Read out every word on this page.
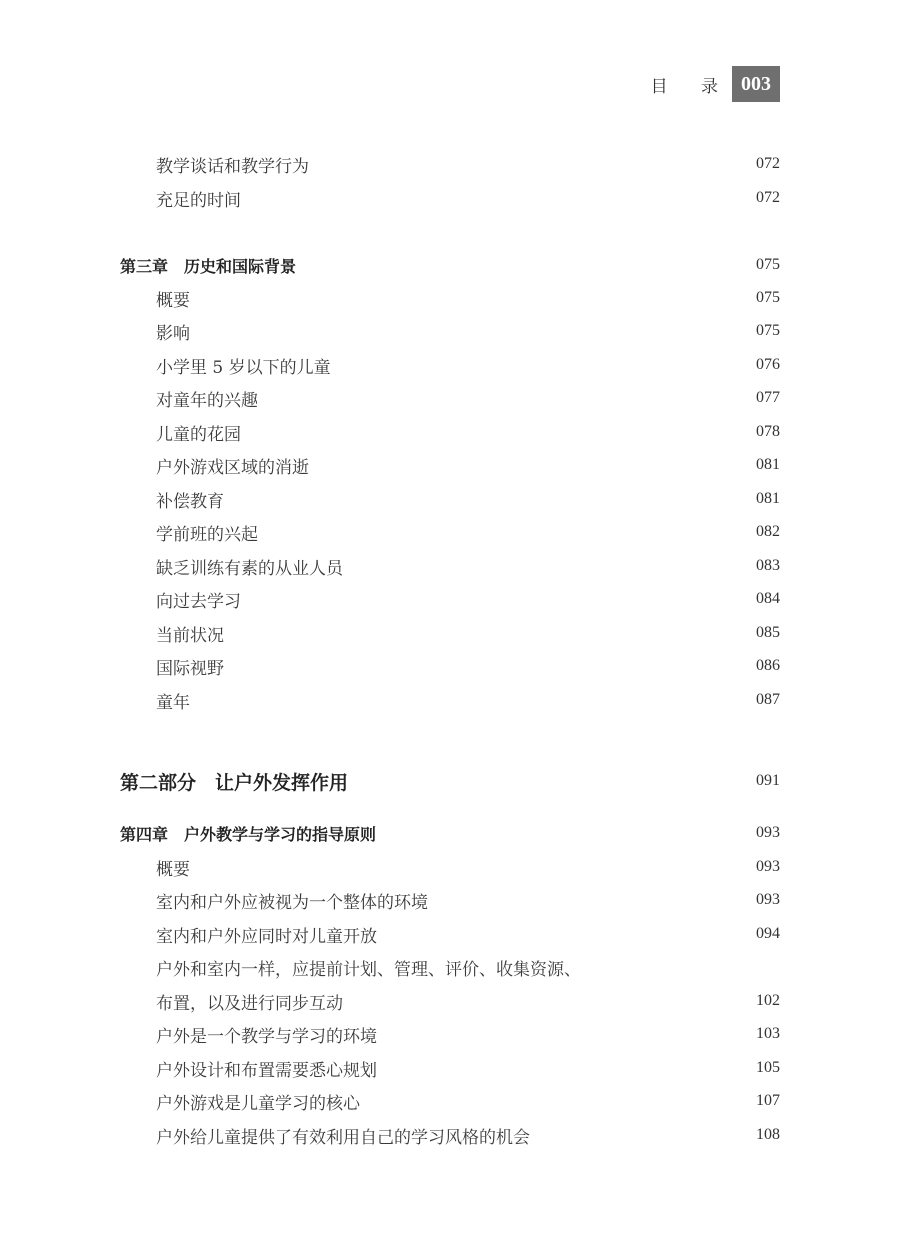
目 录 003
教学谈话和教学行为	072
充足的时间	072
第三章　历史和国际背景	075
概要	075
影响	075
小学里 5 岁以下的儿童	076
对童年的兴趣	077
儿童的花园	078
户外游戏区域的消逝	081
补偿教育	081
学前班的兴起	082
缺乏训练有素的从业人员	083
向过去学习	084
当前状况	085
国际视野	086
童年	087
第二部分　让户外发挥作用	091
第四章　户外教学与学习的指导原则	093
概要	093
室内和户外应被视为一个整体的环境	093
室内和户外应同时对儿童开放	094
户外和室内一样，应提前计划、管理、评价、收集资源、
布置，以及进行同步互动	102
户外是一个教学与学习的环境	103
户外设计和布置需要悉心规划	105
户外游戏是儿童学习的核心	107
户外给儿童提供了有效利用自己的学习风格的机会	108
